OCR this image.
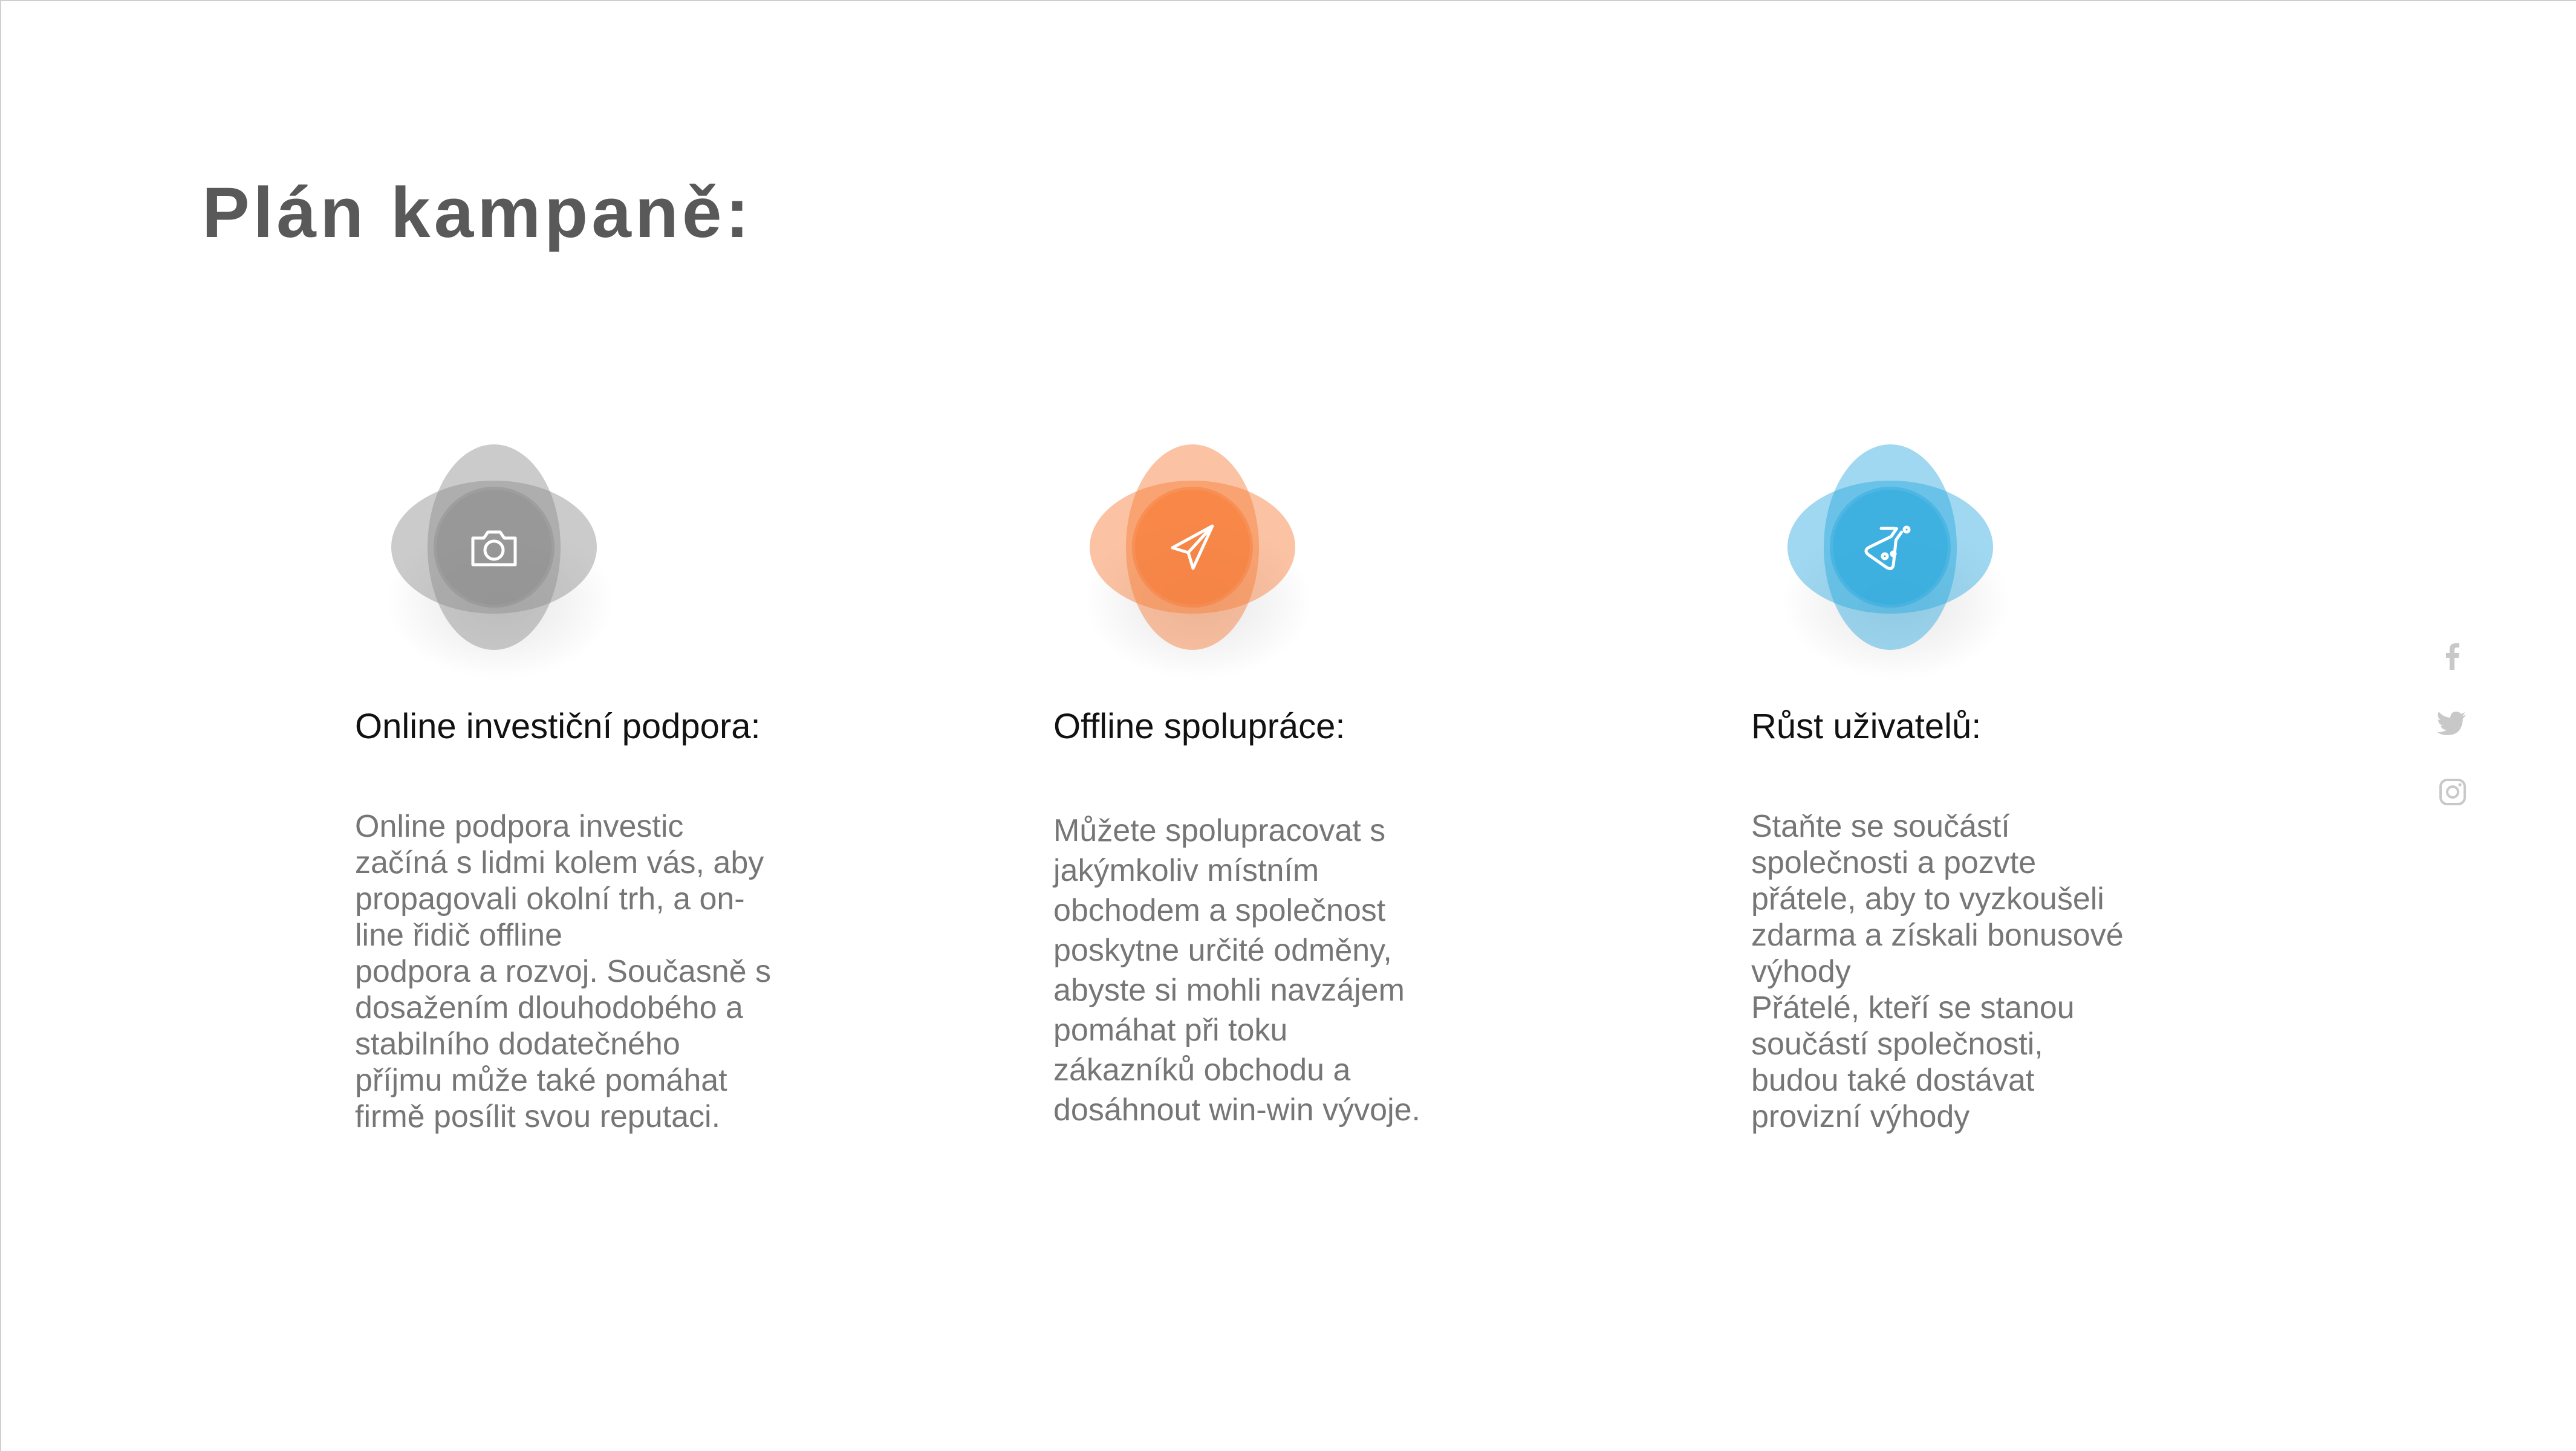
Plán kampaně:
Online investiční podpora:
Online podpora investic
začíná s lidmi kolem vás, aby
propagovali okolní trh, a on-
line řidič offline
podpora a rozvoj. Současně s
dosažením dlouhodobého a
stabilního dodatečného
příjmu může také pomáhat
firmě posílit svou reputaci.
Offline spolupráce:
Můžete spolupracovat s
jakýmkoliv místním
obchodem a společnost
poskytne určité odměny,
abyste si mohli navzájem
pomáhat při toku
zákazníků obchodu a
dosáhnout win-win vývoje.
Růst uživatelů:
Staňte se součástí
společnosti a pozvte
přátele, aby to vyzkoušeli
zdarma a získali bonusové
výhody
Přátelé, kteří se stanou
součástí společnosti,
budou také dostávat
provizní výhody
